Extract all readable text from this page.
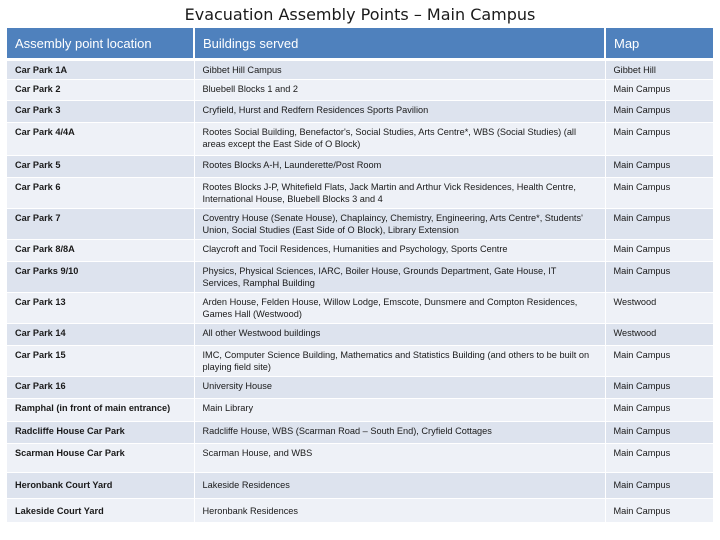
Evacuation Assembly Points – Main Campus
Assembly point location	Buildings served	Map
Car Park 1A	Gibbet Hill Campus	Gibbet Hill
Car Park 2	Bluebell Blocks 1 and 2	Main Campus
Car Park 3	Cryfield, Hurst and Redfern Residences Sports Pavilion	Main Campus
Car Park 4/4A	Rootes Social Building, Benefactor's, Social Studies, Arts Centre*, WBS (Social Studies) (all areas except the East Side of O Block)	Main Campus
Car Park 5	Rootes Blocks A-H, Launderette/Post Room	Main Campus
Car Park 6	Rootes Blocks J-P, Whitefield Flats, Jack Martin and Arthur Vick Residences, Health Centre, International House, Bluebell Blocks 3 and 4	Main Campus
Car Park 7	Coventry House (Senate House), Chaplaincy, Chemistry, Engineering, Arts Centre*, Students' Union, Social Studies (East Side of O Block), Library Extension	Main Campus
Car Park 8/8A	Claycroft and Tocil Residences, Humanities and Psychology, Sports Centre	Main Campus
Car Parks 9/10	Physics, Physical Sciences, IARC, Boiler House, Grounds Department, Gate House, IT Services, Ramphal Building	Main Campus
Car Park 13	Arden House, Felden House, Willow Lodge, Emscote, Dunsmere and Compton Residences, Games Hall (Westwood)	Westwood
Car Park 14	All other Westwood buildings	Westwood
Car Park 15	IMC, Computer Science Building, Mathematics and Statistics Building (and others to be built on playing field site)	Main Campus
Car Park 16	University House	Main Campus
Ramphal (in front of main entrance)	Main Library	Main Campus
Radcliffe House Car Park	Radcliffe House, WBS (Scarman Road – South End), Cryfield Cottages	Main Campus
Scarman House Car Park	Scarman House, and WBS	Main Campus
Heronbank Court Yard	Lakeside Residences	Main Campus
Lakeside Court Yard	Heronbank Residences	Main Campus
